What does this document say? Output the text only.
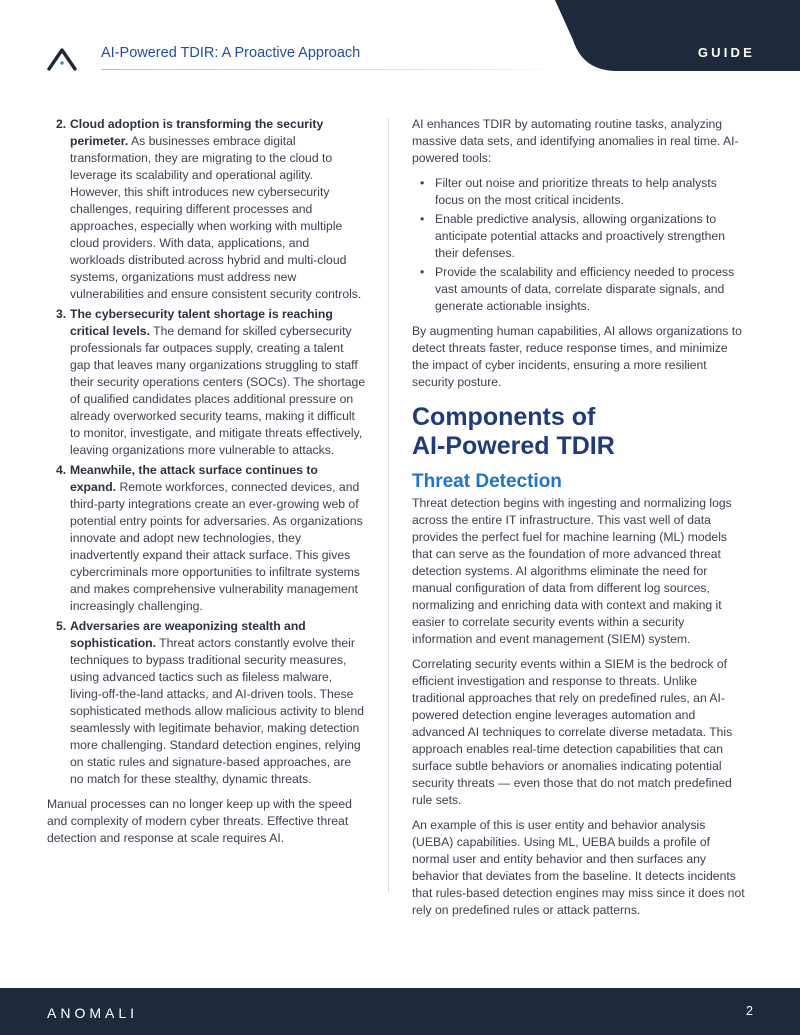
AI-Powered TDIR: A Proactive Approach	GUIDE
2. Cloud adoption is transforming the security perimeter. As businesses embrace digital transformation, they are migrating to the cloud to leverage its scalability and operational agility. However, this shift introduces new cybersecurity challenges, requiring different processes and approaches, especially when working with multiple cloud providers. With data, applications, and workloads distributed across hybrid and multi-cloud systems, organizations must address new vulnerabilities and ensure consistent security controls.
3. The cybersecurity talent shortage is reaching critical levels. The demand for skilled cybersecurity professionals far outpaces supply, creating a talent gap that leaves many organizations struggling to staff their security operations centers (SOCs). The shortage of qualified candidates places additional pressure on already overworked security teams, making it difficult to monitor, investigate, and mitigate threats effectively, leaving organizations more vulnerable to attacks.
4. Meanwhile, the attack surface continues to expand. Remote workforces, connected devices, and third-party integrations create an ever-growing web of potential entry points for adversaries. As organizations innovate and adopt new technologies, they inadvertently expand their attack surface. This gives cybercriminals more opportunities to infiltrate systems and makes comprehensive vulnerability management increasingly challenging.
5. Adversaries are weaponizing stealth and sophistication. Threat actors constantly evolve their techniques to bypass traditional security measures, using advanced tactics such as fileless malware, living-off-the-land attacks, and AI-driven tools. These sophisticated methods allow malicious activity to blend seamlessly with legitimate behavior, making detection more challenging. Standard detection engines, relying on static rules and signature-based approaches, are no match for these stealthy, dynamic threats.

Manual processes can no longer keep up with the speed and complexity of modern cyber threats. Effective threat detection and response at scale requires AI.

AI enhances TDIR by automating routine tasks, analyzing massive data sets, and identifying anomalies in real time. AI-powered tools:

• Filter out noise and prioritize threats to help analysts focus on the most critical incidents.
• Enable predictive analysis, allowing organizations to anticipate potential attacks and proactively strengthen their defenses.
• Provide the scalability and efficiency needed to process vast amounts of data, correlate disparate signals, and generate actionable insights.

By augmenting human capabilities, AI allows organizations to detect threats faster, reduce response times, and minimize the impact of cyber incidents, ensuring a more resilient security posture.

Components of
AI-Powered TDIR
Threat Detection

Threat detection begins with ingesting and normalizing logs across the entire IT infrastructure. This vast well of data provides the perfect fuel for machine learning (ML) models that can serve as the foundation of more advanced threat detection systems. AI algorithms eliminate the need for manual configuration of data from different log sources, normalizing and enriching data with context and making it easier to correlate security events within a security information and event management (SIEM) system.

Correlating security events within a SIEM is the bedrock of efficient investigation and response to threats. Unlike traditional approaches that rely on predefined rules, an AI-powered detection engine leverages automation and advanced AI techniques to correlate diverse metadata. This approach enables real-time detection capabilities that can surface subtle behaviors or anomalies indicating potential security threats — even those that do not match predefined rule sets.

An example of this is user entity and behavior analysis (UEBA) capabilities. Using ML, UEBA builds a profile of normal user and entity behavior and then surfaces any behavior that deviates from the baseline. It detects incidents that rules-based detection engines may miss since it does not rely on predefined rules or attack patterns.

ANOMALI	2
